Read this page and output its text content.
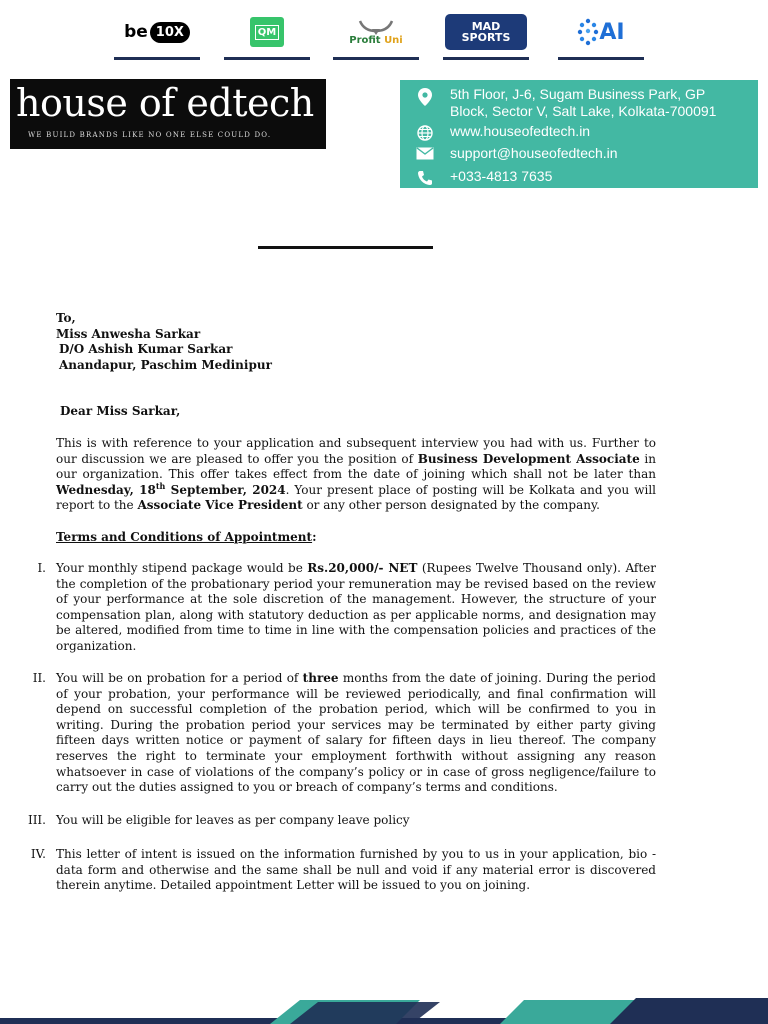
be 10X	QM
Profit Uni
MAD
SPORTS	AI
house of edtech
WE BUILD BRANDS LIKE NO ONE ELSE COULD DO.
5th Floor, J-6, Sugam Business Park, GP
Block, Sector V, Salt Lake, Kolkata-700091
www.houseofedtech.in
support@houseofedtech.in
+033-4813 7635
To,
Miss Anwesha Sarkar
D/O Ashish Kumar Sarkar
Anandapur, Paschim Medinipur
Dear Miss Sarkar,
This is with reference to your application and subsequent interview you had with us. Further to our discussion we are pleased to offer you the position of Business Development Associate in our organization. This offer takes effect from the date of joining which shall not be later than Wednesday, 18th September, 2024. Your present place of posting will be Kolkata and you will report to the Associate Vice President or any other person designated by the company.
Terms and Conditions of Appointment:
I. Your monthly stipend package would be Rs.20,000/- NET (Rupees Twelve Thousand only). After the completion of the probationary period your remuneration may be revised based on the review of your performance at the sole discretion of the management. However, the structure of your compensation plan, along with statutory deduction as per applicable norms, and designation may be altered, modified from time to time in line with the compensation policies and practices of the organization.
II. You will be on probation for a period of three months from the date of joining. During the period of your probation, your performance will be reviewed periodically, and final confirmation will depend on successful completion of the probation period, which will be confirmed to you in writing. During the probation period your services may be terminated by either party giving fifteen days written notice or payment of salary for fifteen days in lieu thereof. The company reserves the right to terminate your employment forthwith without assigning any reason whatsoever in case of violations of the company’s policy or in case of gross negligence/failure to carry out the duties assigned to you or breach of company’s terms and conditions.
III. You will be eligible for leaves as per company leave policy
IV. This letter of intent is issued on the information furnished by you to us in your application, bio -data form and otherwise and the same shall be null and void if any material error is discovered therein anytime. Detailed appointment Letter will be issued to you on joining.
